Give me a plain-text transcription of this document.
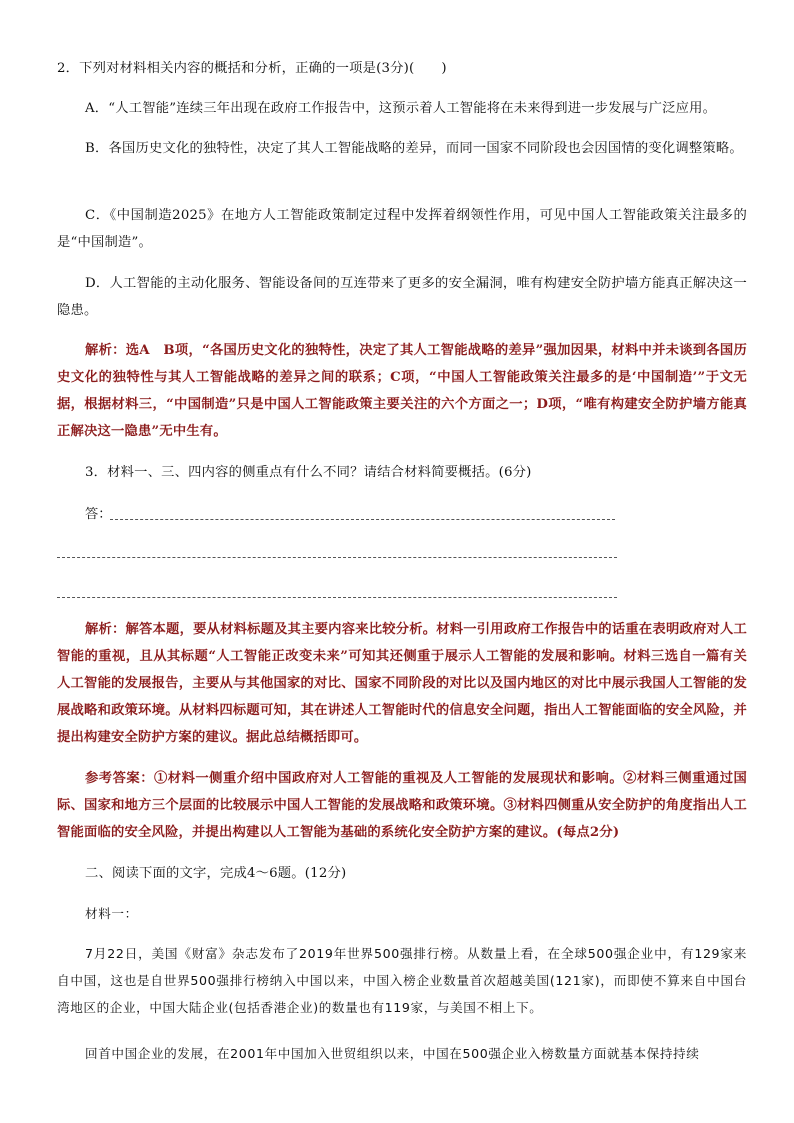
2．下列对材料相关内容的概括和分析，正确的一项是(3分)(　　)

A．“人工智能”连续三年出现在政府工作报告中，这预示着人工智能将在未来得到进一步发展与广泛应用。

B．各国历史文化的独特性，决定了其人工智能战略的差异，而同一国家不同阶段也会因国情的变化调整策略。

C．《中国制造2025》在地方人工智能政策制定过程中发挥着纲领性作用，可见中国人工智能政策关注最多的是“中国制造”。

D．人工智能的主动化服务、智能设备间的互连带来了更多的安全漏洞，唯有构建安全防护墙方能真正解决这一隐患。

解析：选A　B项，“各国历史文化的独特性，决定了其人工智能战略的差异”强加因果，材料中并未谈到各国历史文化的独特性与其人工智能战略的差异之间的联系；C项，“中国人工智能政策关注最多的是‘中国制造’”于文无据，根据材料三，“中国制造”只是中国人工智能政策主要关注的六个方面之一；D项，“唯有构建安全防护墙方能真正解决这一隐患”无中生有。

3．材料一、三、四内容的侧重点有什么不同？请结合材料简要概括。(6分)

答：

解析：解答本题，要从材料标题及其主要内容来比较分析。材料一引用政府工作报告中的话重在表明政府对人工智能的重视，且从其标题“人工智能正改变未来”可知其还侧重于展示人工智能的发展和影响。材料三选自一篇有关人工智能的发展报告，主要从与其他国家的对比、国家不同阶段的对比以及国内地区的对比中展示我国人工智能的发展战略和政策环境。从材料四标题可知，其在讲述人工智能时代的信息安全问题，指出人工智能面临的安全风险，并提出构建安全防护方案的建议。据此总结概括即可。

参考答案：①材料一侧重介绍中国政府对人工智能的重视及人工智能的发展现状和影响。②材料三侧重通过国际、国家和地方三个层面的比较展示中国人工智能的发展战略和政策环境。③材料四侧重从安全防护的角度指出人工智能面临的安全风险，并提出构建以人工智能为基础的系统化安全防护方案的建议。(每点2分)

二、阅读下面的文字，完成4～6题。(12分)

材料一：

7月22日，美国《财富》杂志发布了2019年世界500强排行榜。从数量上看，在全球500强企业中，有129家来自中国，这也是自世界500强排行榜纳入中国以来，中国入榜企业数量首次超越美国(121家)，而即使不算来自中国台湾地区的企业，中国大陆企业(包括香港企业)的数量也有119家，与美国不相上下。

回首中国企业的发展，在2001年中国加入世贸组织以来，中国在500强企业入榜数量方面就基本保持持续
